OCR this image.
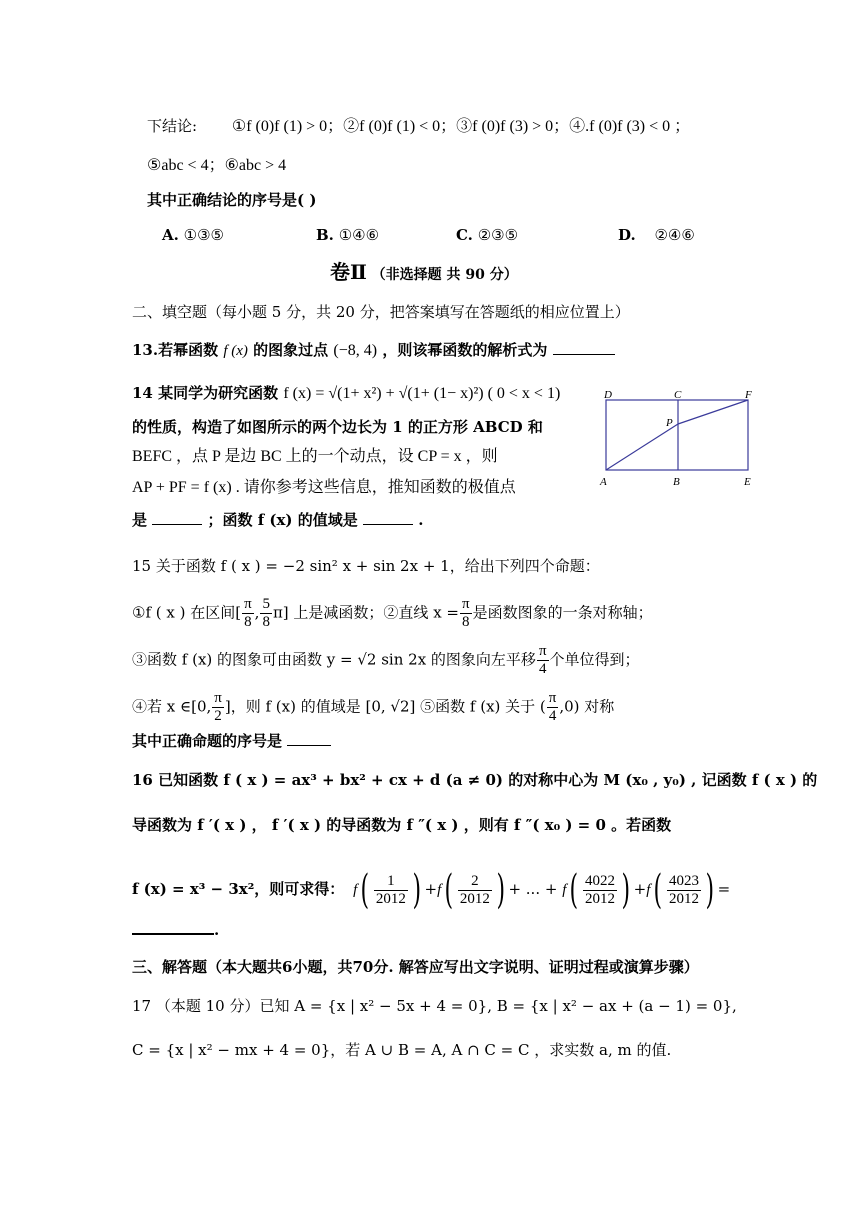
下结论: ①f (0)f (1) > 0；②f (0)f (1) < 0；③f (0)f (3) > 0；④.f (0)f (3) < 0 ；
⑤abc < 4；⑥abc > 4
其中正确结论的序号是( )
A. ①③⑤	B. ①④⑥	C. ②③⑤	D. ②④⑥
卷Ⅱ （非选择题 共 90 分）
二、填空题（每小题 5 分，共 20 分，把答案填写在答题纸的相应位置上）
13.若幂函数 f (x) 的图象过点 (−8, 4) ，则该幂函数的解析式为
14 某同学为研究函数 f (x) = √(1+ x²) + √(1+ (1− x)²) ( 0 < x < 1)
的性质，构造了如图所示的两个边长为 1 的正方形 ABCD 和
BEFC ，点 P 是边 BC 上的一个动点，设 CP = x ，则
AP + PF = f (x) . 请你参考这些信息，推知函数的极值点
是	；函数 f (x) 的值域是	.
D	C	F
P
A	B	E
15 关于函数 f ( x ) = −2 sin² x + sin 2x + 1，给出下列四个命题：
①f ( x ) 在区间[ $\frac{\pi}{8}$ , $\frac{5}{8} \pi$] 上是减函数；②直线 $x = \frac{\pi}{8}$ 是函数图象的一条对称轴；
③函数 f (x) 的图象可由函数 y = √2 sin 2x 的图象向左平移 $\frac{\pi}{4}$ 个单位得到；
④若 x ∈[0, $\frac{\pi}{2}$ ]，则 f (x) 的值域是 [0, √2] ⑤函数 f (x) 关于 ( $\frac{\pi}{4} ,0$) 对称
其中正确命题的序号是
16 已知函数 f ( x ) = ax³ + bx² + cx + d (a ≠ 0) 的对称中心为 M (x₀ , y₀) , 记函数 f ( x ) 的
导函数为 f ′( x ) ， f ′( x ) 的导函数为 f ″( x ) ，则有 f ″( x₀ ) = 0 。若函数
f (x) = x³ − 3x²，则可求得： $f( \frac{1}{2012}$ ) $+f( \frac{2}{2012}$ ) + ... + $f( \frac{4022}{2012}$ ) $+f( \frac{4023}{2012}$ ) =
.
三、解答题（本大题共6小题，共70分. 解答应写出文字说明、证明过程或演算步骤）
17 （本题 10 分）已知 A = {x | x² − 5x + 4 = 0}, B = {x | x² − ax + (a − 1) = 0},
C = {x | x² − mx + 4 = 0}，若 A ∪ B = A, A ∩ C = C ，求实数 a, m 的值.
